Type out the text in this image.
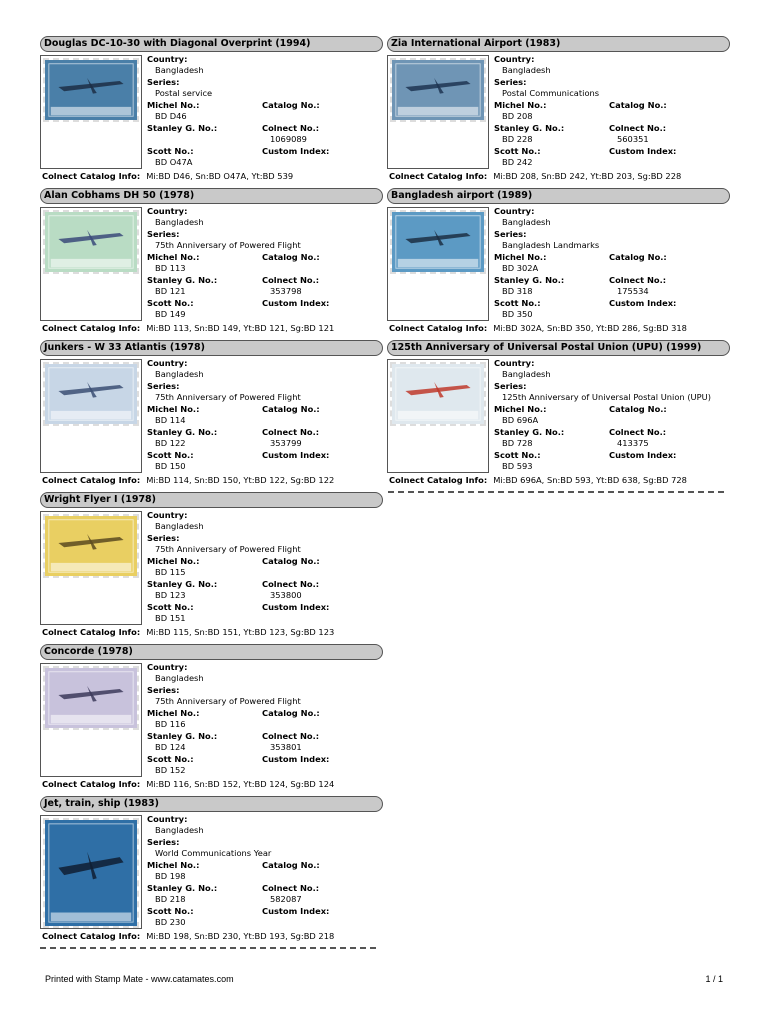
Douglas DC-10-30 with Diagonal Overprint (1994)
Country:
Bangladesh
Series:
Postal service
Michel No.:
BD D46
Catalog No.:
Stanley G. No.:	Colnect No.:
1069089
Scott No.:
BD O47A
Custom Index:
Colnect Catalog Info: Mi:BD D46, Sn:BD O47A, Yt:BD 539
Alan Cobhams DH 50 (1978)
Country:
Bangladesh
Series:
75th Anniversary of Powered Flight
Michel No.:
BD 113
Catalog No.:
Stanley G. No.:
BD 121
Colnect No.:
353798
Scott No.:
BD 149
Custom Index:
Colnect Catalog Info: Mi:BD 113, Sn:BD 149, Yt:BD 121, Sg:BD 121
Junkers - W 33 Atlantis (1978)
Country:
Bangladesh
Series:
75th Anniversary of Powered Flight
Michel No.:
BD 114
Catalog No.:
Stanley G. No.:
BD 122
Colnect No.:
353799
Scott No.:
BD 150
Custom Index:
Colnect Catalog Info: Mi:BD 114, Sn:BD 150, Yt:BD 122, Sg:BD 122
Wright Flyer I (1978)
Country:
Bangladesh
Series:
75th Anniversary of Powered Flight
Michel No.:
BD 115
Catalog No.:
Stanley G. No.:
BD 123
Colnect No.:
353800
Scott No.:
BD 151
Custom Index:
Colnect Catalog Info: Mi:BD 115, Sn:BD 151, Yt:BD 123, Sg:BD 123
Concorde (1978)
Country:
Bangladesh
Series:
75th Anniversary of Powered Flight
Michel No.:
BD 116
Catalog No.:
Stanley G. No.:
BD 124
Colnect No.:
353801
Scott No.:
BD 152
Custom Index:
Colnect Catalog Info: Mi:BD 116, Sn:BD 152, Yt:BD 124, Sg:BD 124
Jet, train, ship (1983)
Country:
Bangladesh
Series:
World Communications Year
Michel No.:
BD 198
Catalog No.:
Stanley G. No.:
BD 218
Colnect No.:
582087
Scott No.:
BD 230
Custom Index:
Colnect Catalog Info: Mi:BD 198, Sn:BD 230, Yt:BD 193, Sg:BD 218
Zia International Airport (1983)
Country:
Bangladesh
Series:
Postal Communications
Michel No.:
BD 208
Catalog No.:
Stanley G. No.:
BD 228
Colnect No.:
560351
Scott No.:
BD 242
Custom Index:
Colnect Catalog Info: Mi:BD 208, Sn:BD 242, Yt:BD 203, Sg:BD 228
Bangladesh airport (1989)
Country:
Bangladesh
Series:
Bangladesh Landmarks
Michel No.:
BD 302A
Catalog No.:
Stanley G. No.:
BD 318
Colnect No.:
175534
Scott No.:
BD 350
Custom Index:
Colnect Catalog Info: Mi:BD 302A, Sn:BD 350, Yt:BD 286, Sg:BD 318
125th Anniversary of Universal Postal Union (UPU) (1999)
Country:
Bangladesh
Series:
125th Anniversary of Universal Postal Union (UPU)
Michel No.:
BD 696A
Catalog No.:
Stanley G. No.:
BD 728
Colnect No.:
413375
Scott No.:
BD 593
Custom Index:
Colnect Catalog Info: Mi:BD 696A, Sn:BD 593, Yt:BD 638, Sg:BD 728
Printed with Stamp Mate - www.catamates.com	1 / 1
